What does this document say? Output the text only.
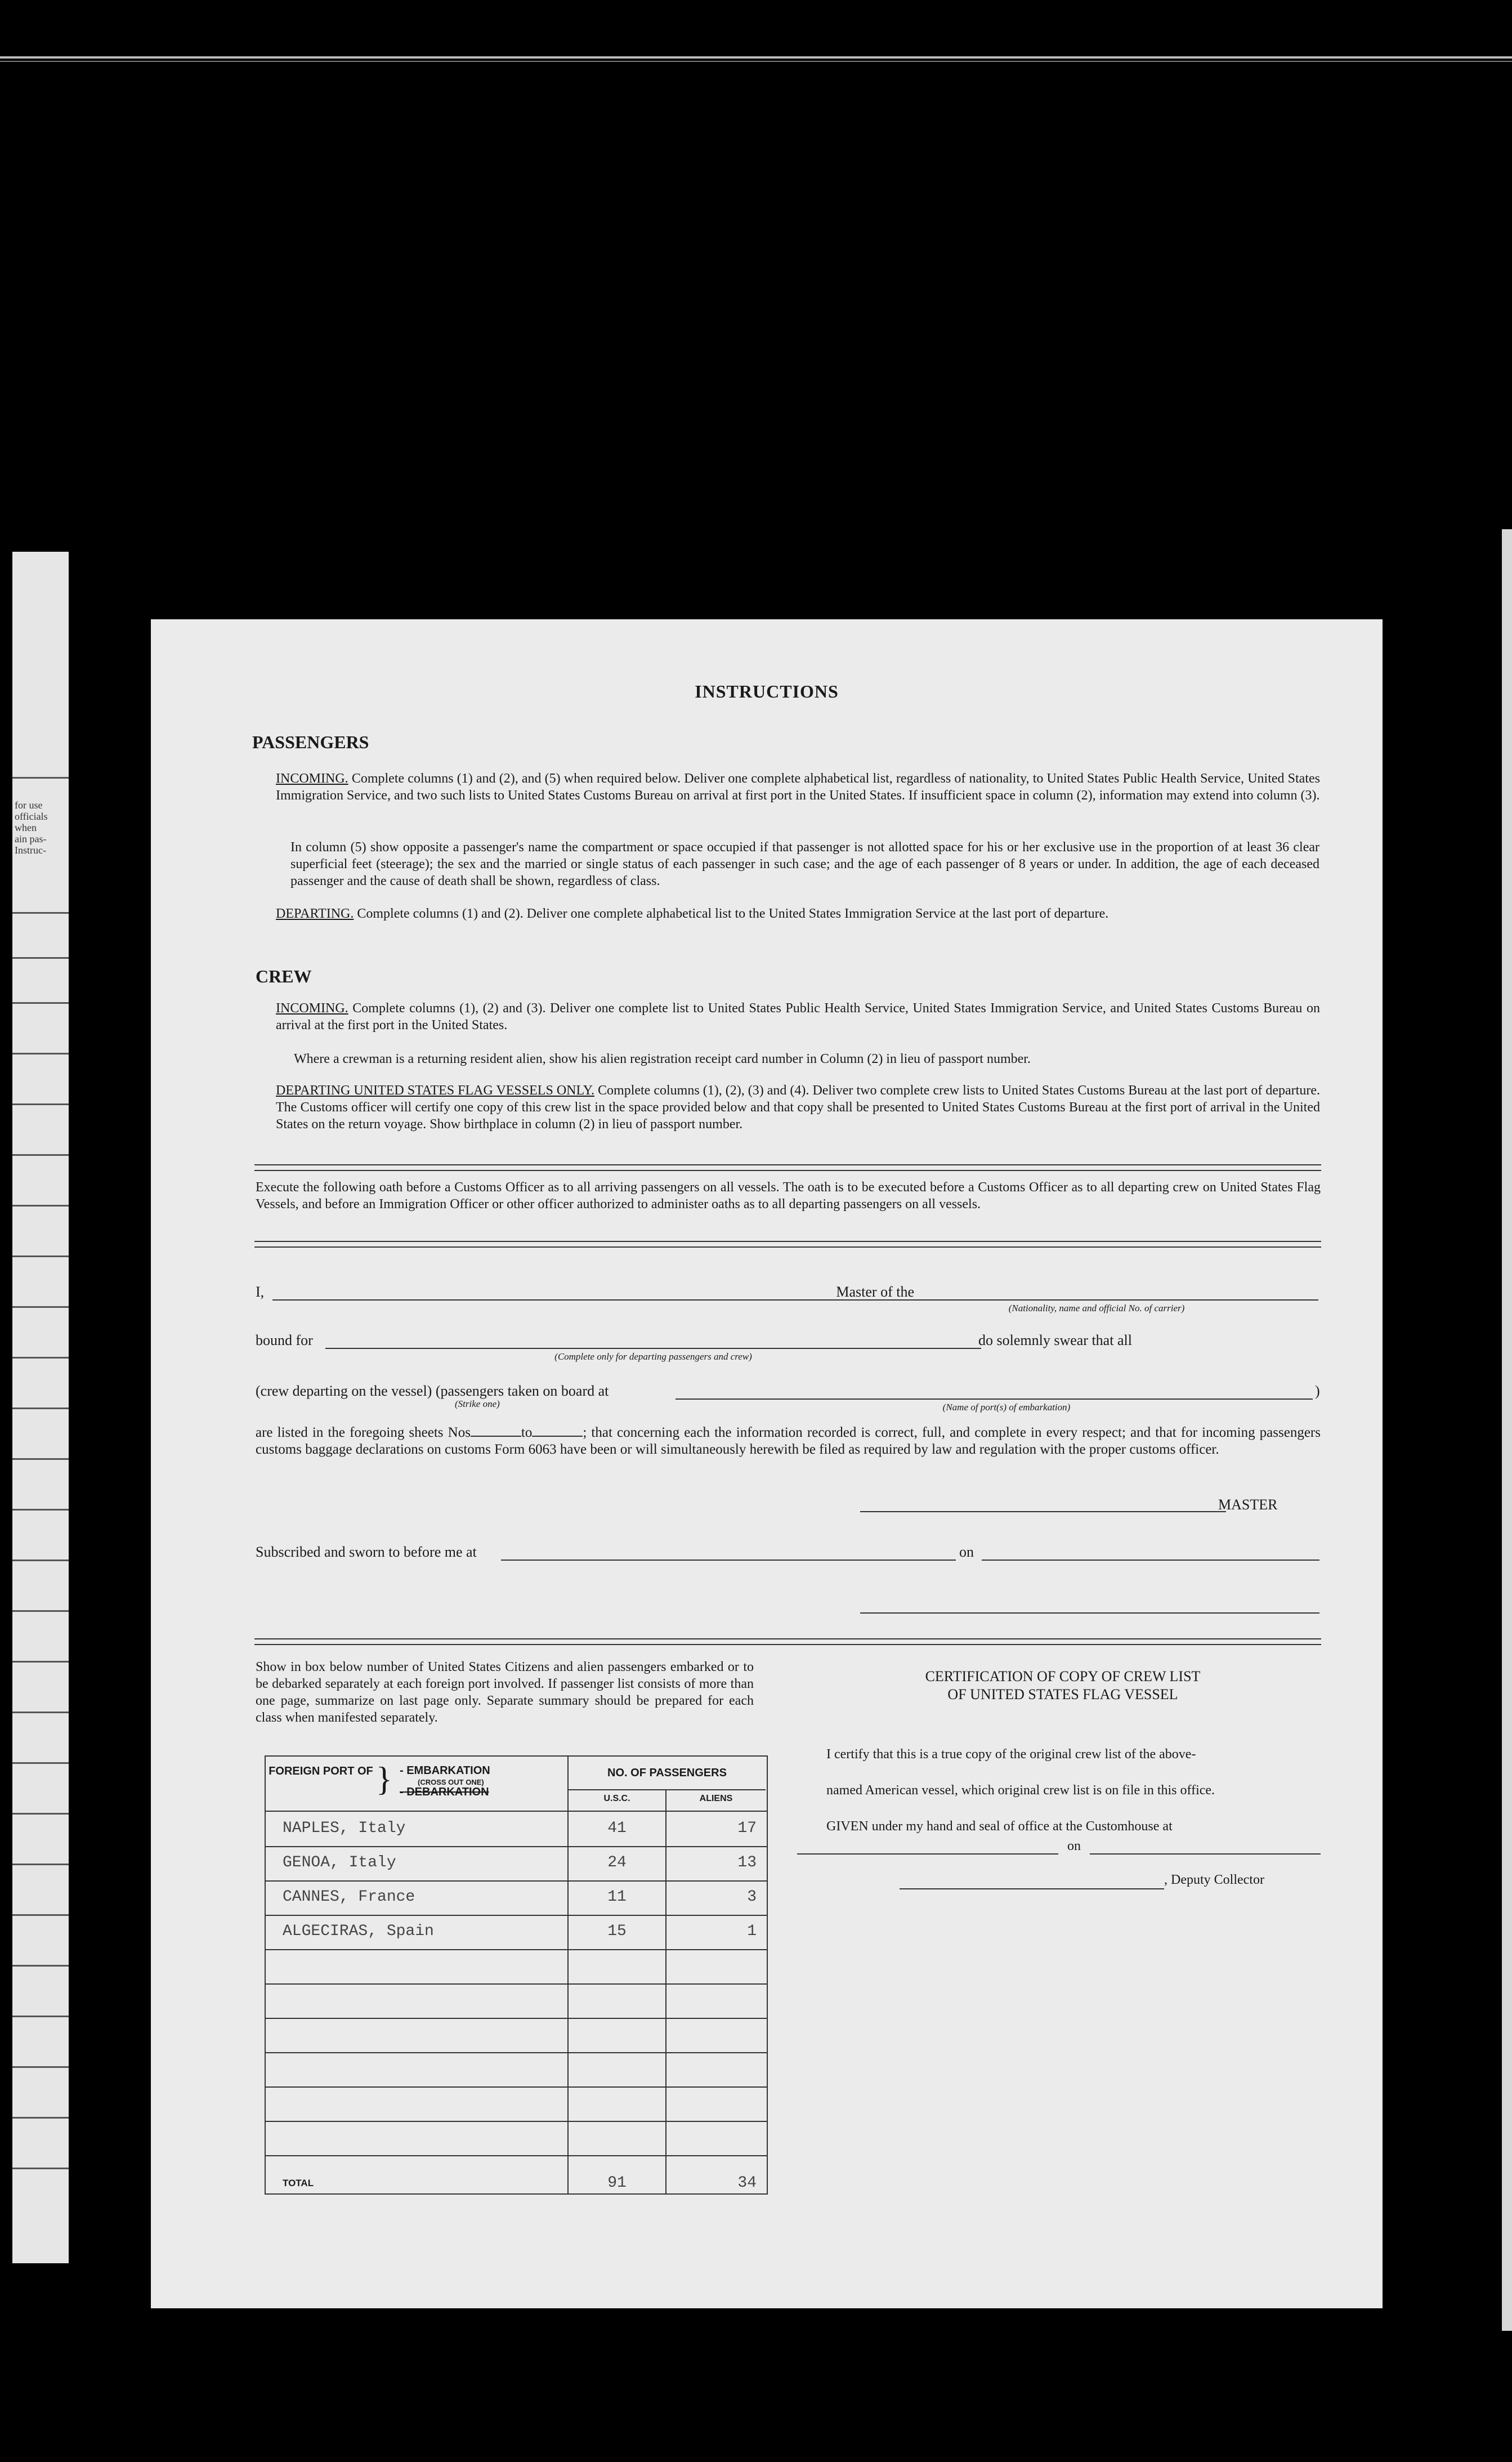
for use
officials
when
ain pas-
Instruc-
INSTRUCTIONS
PASSENGERS
INCOMING. Complete columns (1) and (2), and (5) when required below. Deliver one complete alphabetical list, regardless of nationality, to United States Public Health Service, United States Immigration Service, and two such lists to United States Customs Bureau on arrival at first port in the United States. If insufficient space in column (2), information may extend into column (3).
In column (5) show opposite a passenger's name the compartment or space occupied if that passenger is not allotted space for his or her exclusive use in the proportion of at least 36 clear superficial feet (steerage); the sex and the married or single status of each passenger in such case; and the age of each passenger of 8 years or under. In addition, the age of each deceased passenger and the cause of death shall be shown, regardless of class.
DEPARTING. Complete columns (1) and (2). Deliver one complete alphabetical list to the United States Immigration Service at the last port of departure.
CREW
INCOMING. Complete columns (1), (2) and (3). Deliver one complete list to United States Public Health Service, United States Immigration Service, and United States Customs Bureau on arrival at the first port in the United States.
Where a crewman is a returning resident alien, show his alien registration receipt card number in Column (2) in lieu of passport number.
DEPARTING UNITED STATES FLAG VESSELS ONLY. Complete columns (1), (2), (3) and (4). Deliver two complete crew lists to United States Customs Bureau at the last port of departure. The Customs officer will certify one copy of this crew list in the space provided below and that copy shall be presented to United States Customs Bureau at the first port of arrival in the United States on the return voyage. Show birthplace in column (2) in lieu of passport number.
Execute the following oath before a Customs Officer as to all arriving passengers on all vessels. The oath is to be executed before a Customs Officer as to all departing crew on United States Flag Vessels, and before an Immigration Officer or other officer authorized to administer oaths as to all departing passengers on all vessels.
I,	Master of the
(Nationality, name and official No. of carrier)
bound for
(Complete only for departing passengers and crew)
do solemnly swear that all
(crew departing on the vessel) (passengers taken on board at
(Strike one)	(Name of port(s) of embarkation)
)
are listed in the foregoing sheets Nos	to	; that concerning each the information recorded is correct, full, and complete in every respect; and that for incoming passengers customs baggage declarations on customs Form 6063 have been or will simultaneously herewith be filed as required by law and regulation with the proper customs officer.
MASTER
Subscribed and sworn to before me at	on
Show in box below number of United States Citizens and alien passengers embarked or to be debarked separately at each foreign port involved. If passenger list consists of more than one page, summarize on last page only. Separate summary should be prepared for each class when manifested separately.
FOREIGN PORT OF } - EMBARKATION
(CROSS OUT ONE)
- DEBARKATION
NO. OF PASSENGERS
U.S.C.	ALIENS
NAPLES, Italy	41	17
GENOA, Italy	24	13
CANNES, France	11	3
ALGECIRAS, Spain	15	1
TOTAL	91	34
CERTIFICATION OF COPY OF CREW LIST
OF UNITED STATES FLAG VESSEL
I certify that this is a true copy of the original crew list of the above-
named American vessel, which original crew list is on file in this office.
GIVEN under my hand and seal of office at the Customhouse at
on
, Deputy Collector
